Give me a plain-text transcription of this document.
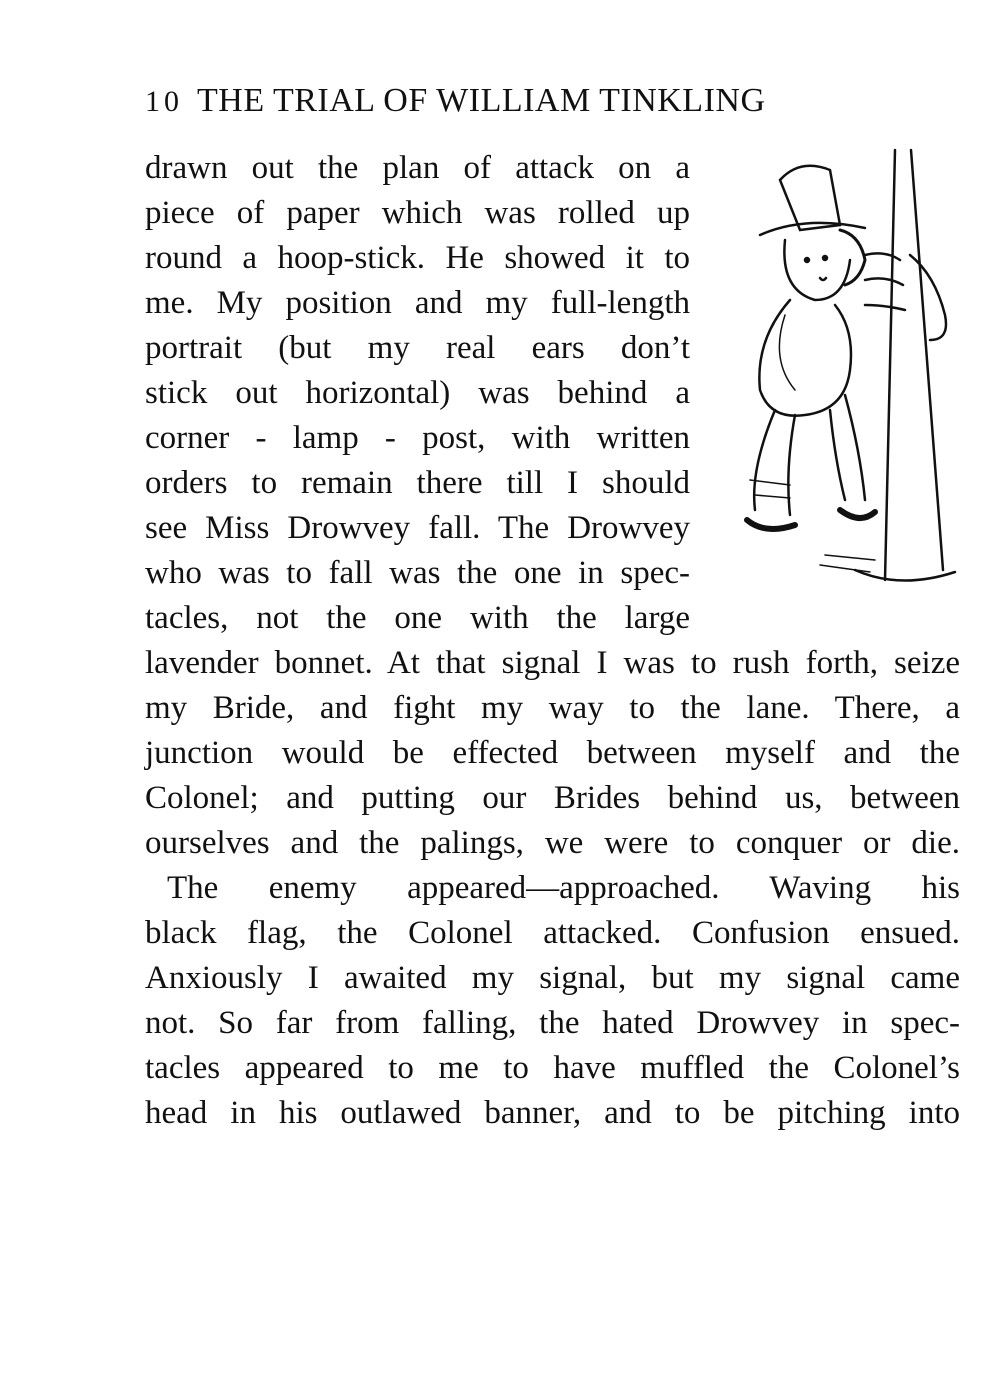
10 THE TRIAL OF WILLIAM TINKLING
drawn out the plan of attack on a
piece of paper which was rolled up
round a hoop-stick. He showed it to
me. My position and my full-length
portrait (but my real ears don’t
stick out horizontal) was behind a
corner - lamp - post, with written
orders to remain there till I should
see Miss Drowvey fall. The Drowvey
who was to fall was the one in spec-
tacles, not the one with the large
lavender bonnet. At that signal I was to rush forth, seize
my Bride, and fight my way to the lane. There, a
junction would be effected between myself and the
Colonel; and putting our Brides behind us, between
ourselves and the palings, we were to conquer or die.
The enemy appeared—approached. Waving his
black flag, the Colonel attacked. Confusion ensued.
Anxiously I awaited my signal, but my signal came
not. So far from falling, the hated Drowvey in spec-
tacles appeared to me to have muffled the Colonel’s
head in his outlawed banner, and to be pitching into
